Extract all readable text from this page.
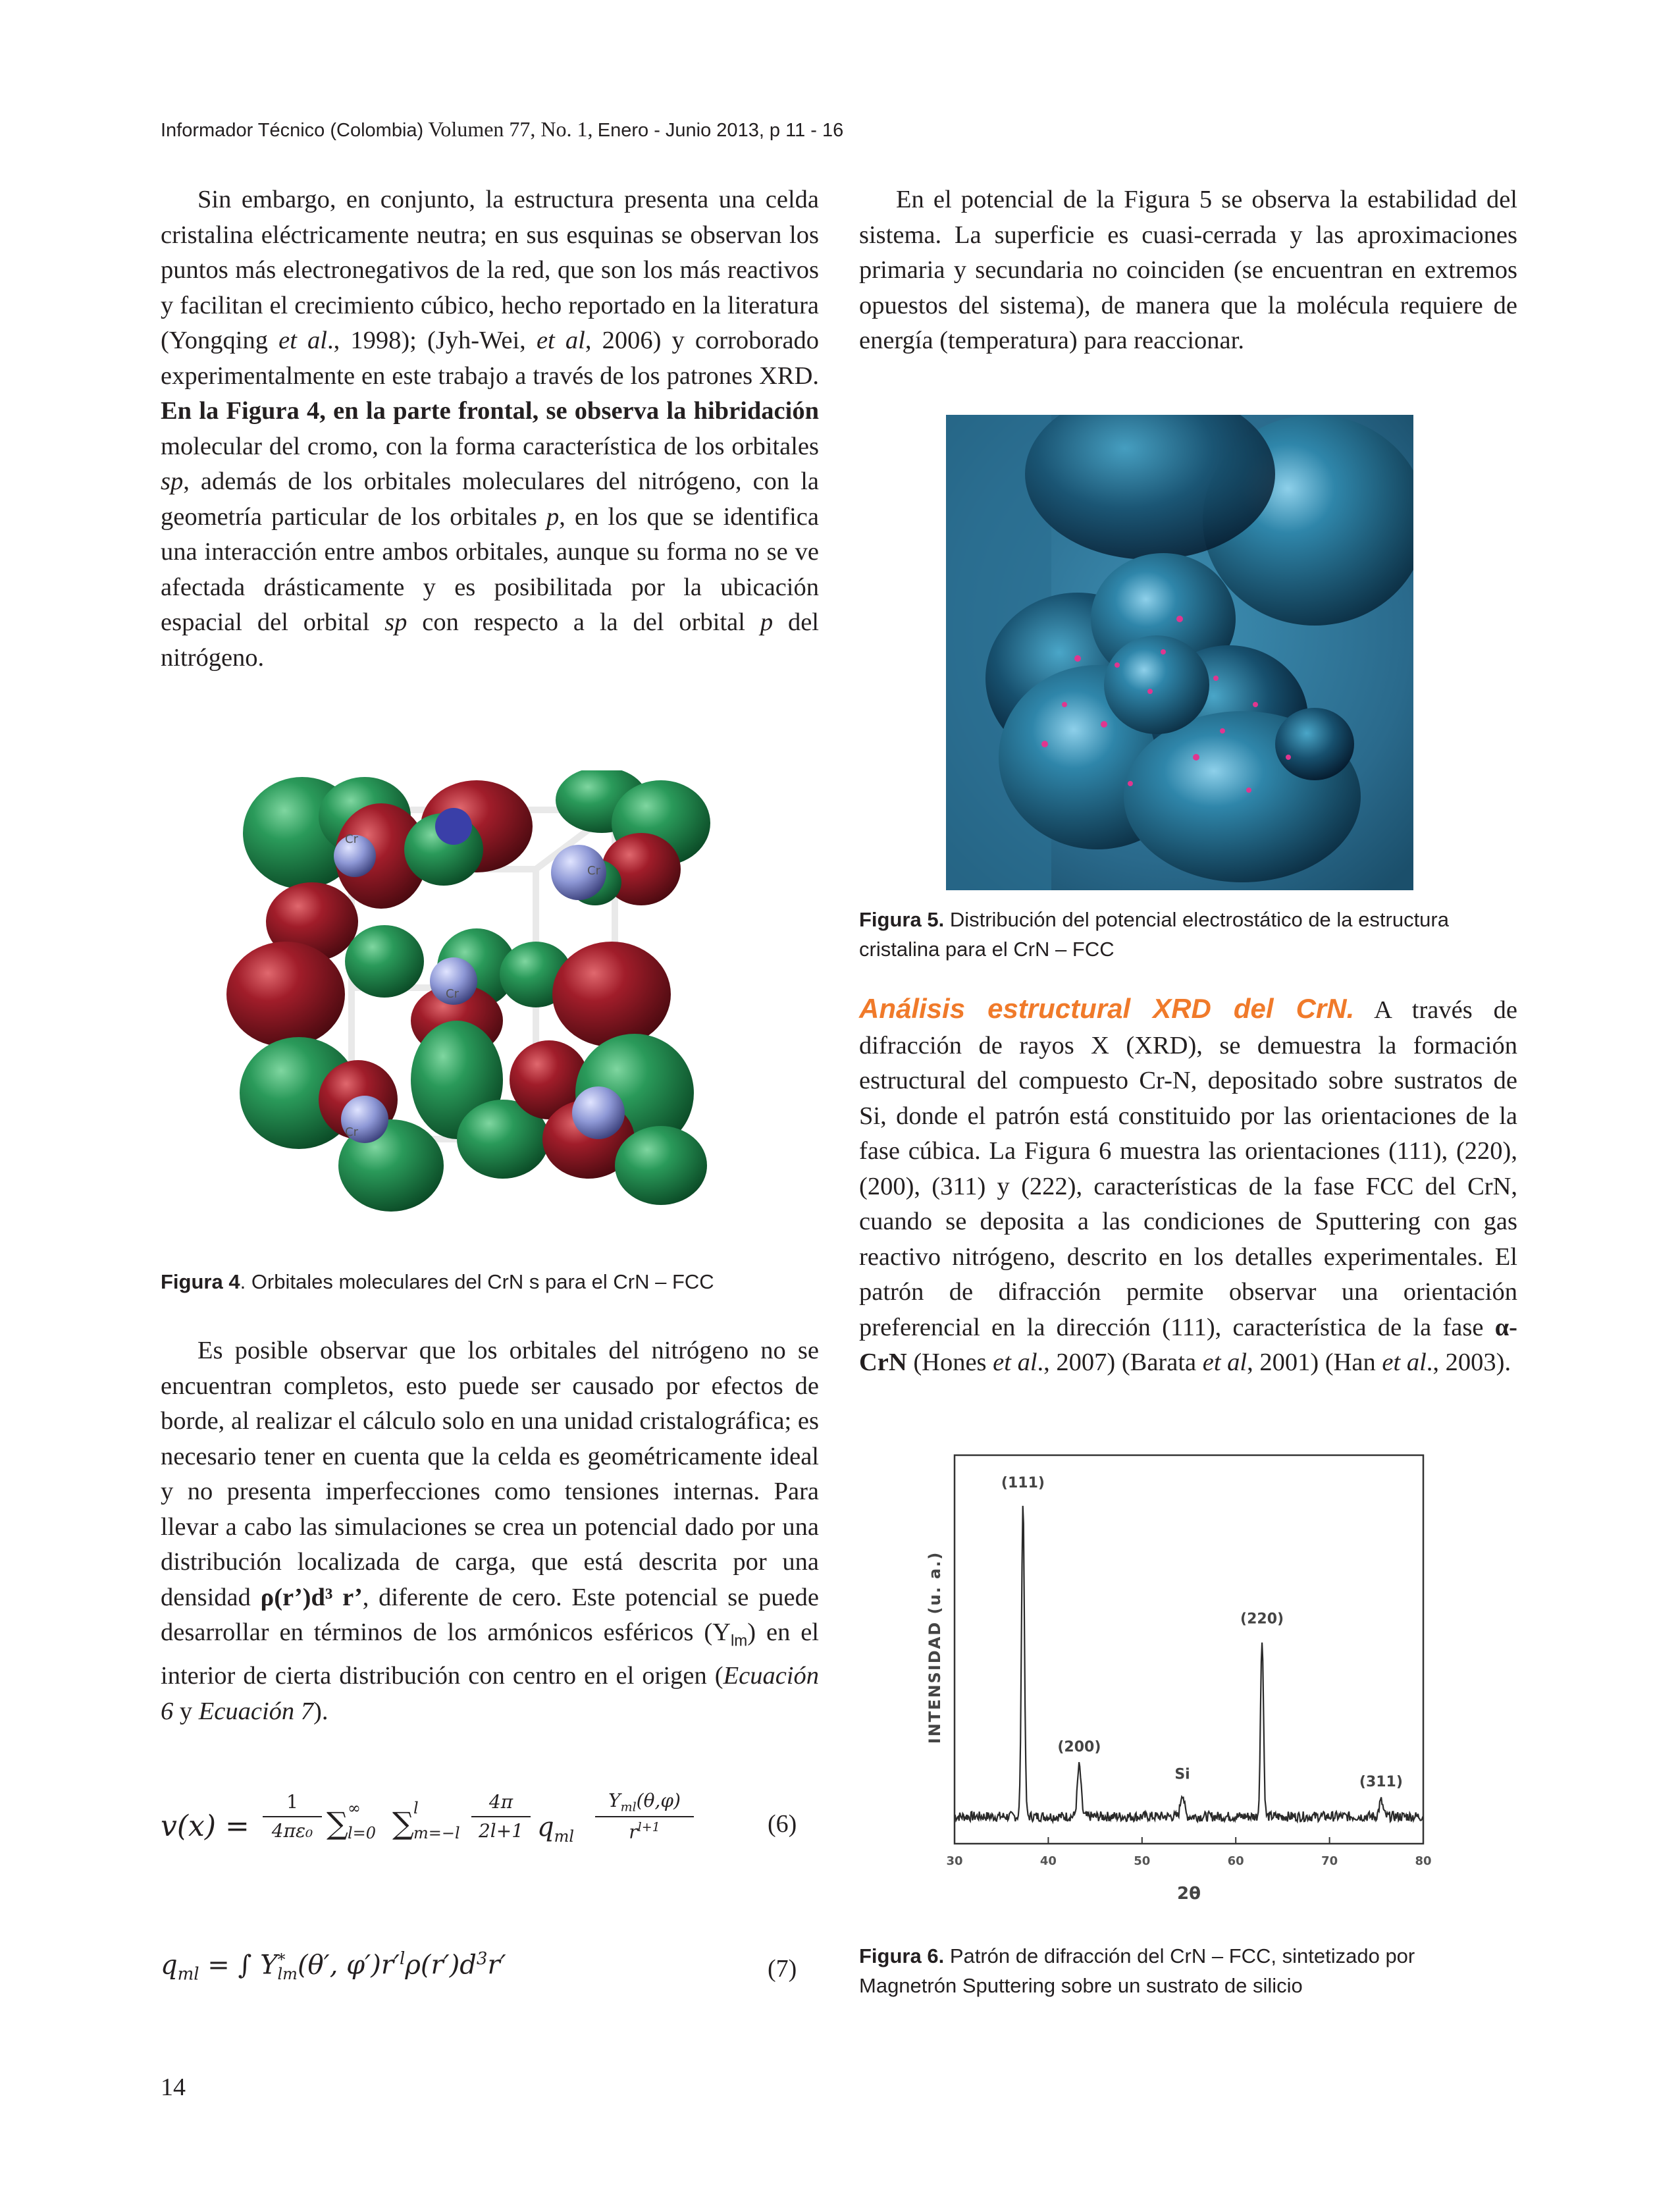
Informador Técnico (Colombia) Volumen 77, No. 1, Enero - Junio 2013, p 11 - 16

Sin embargo, en conjunto, la estructura presenta una celda cristalina eléctricamente neutra; en sus esquinas se observan los puntos más electronegativos de la red, que son los más reactivos y facilitan el crecimiento cúbico, hecho reportado en la literatura (Yongqing et al., 1998); (Jyh-Wei, et al, 2006) y corroborado experimentalmente en este trabajo a través de los patrones XRD. En la Figura 4, en la parte frontal, se observa la hibridación molecular del cromo, con la forma característica de los orbitales sp, además de los orbitales moleculares del nitrógeno, con la geometría particular de los orbitales p, en los que se identifica una interacción entre ambos orbitales, aunque su forma no se ve afectada drásticamente y es posibilitada por la ubicación espacial del orbital sp con respecto a la del orbital p del nitrógeno.

Cr
Cr
Cr
Cr

Figura 4. Orbitales moleculares del CrN s para el CrN – FCC

Es posible observar que los orbitales del nitrógeno no se encuentran completos, esto puede ser causado por efectos de borde, al realizar el cálculo solo en una unidad cristalográfica; es necesario tener en cuenta que la celda es geométricamente ideal y no presenta imperfecciones como tensiones internas. Para llevar a cabo las simulaciones se crea un potencial dado por una distribución localizada de carga, que está descrita por una densidad ρ(r’)d³ r’, diferente de cero. Este potencial se puede desarrollar en términos de los armónicos esféricos $(Y_{lm})$ en el interior de cierta distribución con centro en el origen (Ecuación 6 y Ecuación 7).

v(x) =
1
4πε₀ ∑ ∞
l=0 ∑ l
m=−l
4π
2l+1 $q_{ml}$
$Y_{ml}(\theta,\varphi)$
$r^{l+1}$	(6)
$q_{ml}$ = ∫ Y *
lm (θ′, $\varphi')r'^l\rho(r')d^3r'$	(7)
14

En el potencial de la Figura 5 se observa la estabilidad del sistema. La superficie es cuasi-cerrada y las aproximaciones primaria y secundaria no coinciden (se encuentran en extremos opuestos del sistema), de manera que la molécula requiere de energía (temperatura) para reaccionar.

Figura 5. Distribución del potencial electrostático de la estructura cristalina para el CrN – FCC

Análisis estructural XRD del CrN. A través de difracción de rayos X (XRD), se demuestra la formación estructural del compuesto Cr-N, depositado sobre sustratos de Si, donde el patrón está constituido por las orientaciones de la fase cúbica. La Figura 6 muestra las orientaciones (111), (220), (200), (311) y (222), características de la fase FCC del CrN, cuando se deposita a las condiciones de Sputtering con gas reactivo nitrógeno, descrito en los detalles experimentales. El patrón de difracción permite observar una orientación preferencial en la dirección (111), característica de la fase α-CrN (Hones et al., 2007) (Barata et al, 2001) (Han et al., 2003).

30	40	50	60	70	80
(111)
(200)
Si
(220)
(311)
INTENSIDAD (u. a.)
2θ

Figura 6. Patrón de difracción del CrN – FCC, sintetizado por Magnetrón Sputtering sobre un sustrato de silicio
